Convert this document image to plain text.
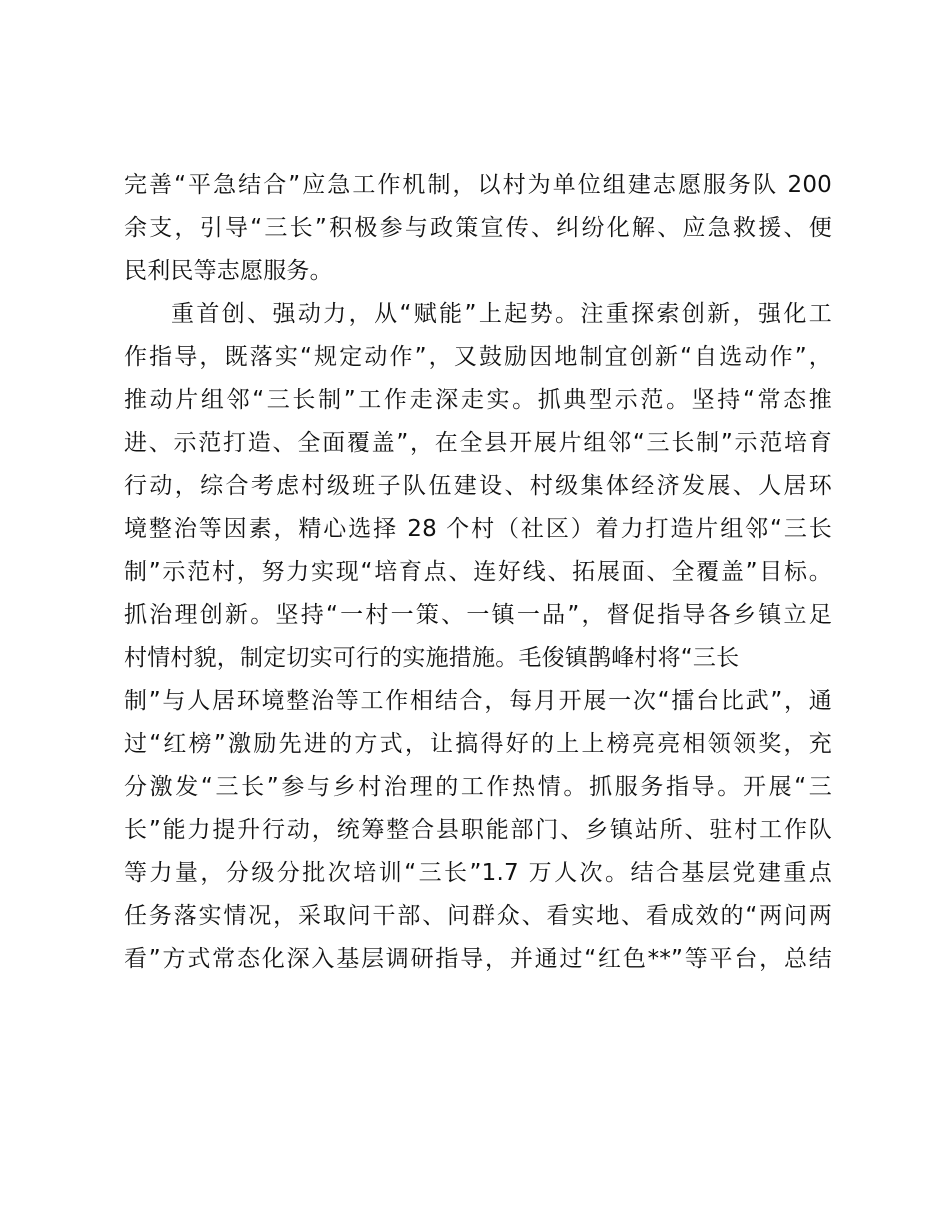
完善“平急结合”应急工作机制，以村为单位组建志愿服务队 200
余支，引导“三长”积极参与政策宣传、纠纷化解、应急救援、便
民利民等志愿服务。
重首创、强动力，从“赋能”上起势。注重探索创新，强化工
作指导，既落实“规定动作”，又鼓励因地制宜创新“自选动作”，
推动片组邻“三长制”工作走深走实。抓典型示范。坚持“常态推
进、示范打造、全面覆盖”，在全县开展片组邻“三长制”示范培育
行动，综合考虑村级班子队伍建设、村级集体经济发展、人居环
境整治等因素，精心选择 28 个村（社区）着力打造片组邻“三长
制”示范村，努力实现“培育点、连好线、拓展面、全覆盖”目标。
抓治理创新。坚持“一村一策、一镇一品”，督促指导各乡镇立足
村情村貌，制定切实可行的实施措施。毛俊镇鹊峰村将“三长
制”与人居环境整治等工作相结合，每月开展一次“擂台比武”，通
过“红榜”激励先进的方式，让搞得好的上上榜亮亮相领领奖，充
分激发“三长”参与乡村治理的工作热情。抓服务指导。开展“三
长”能力提升行动，统筹整合县职能部门、乡镇站所、驻村工作队
等力量，分级分批次培训“三长”1.7 万人次。结合基层党建重点
任务落实情况，采取问干部、问群众、看实地、看成效的“两问两
看”方式常态化深入基层调研指导，并通过“红色**”等平台，总结
